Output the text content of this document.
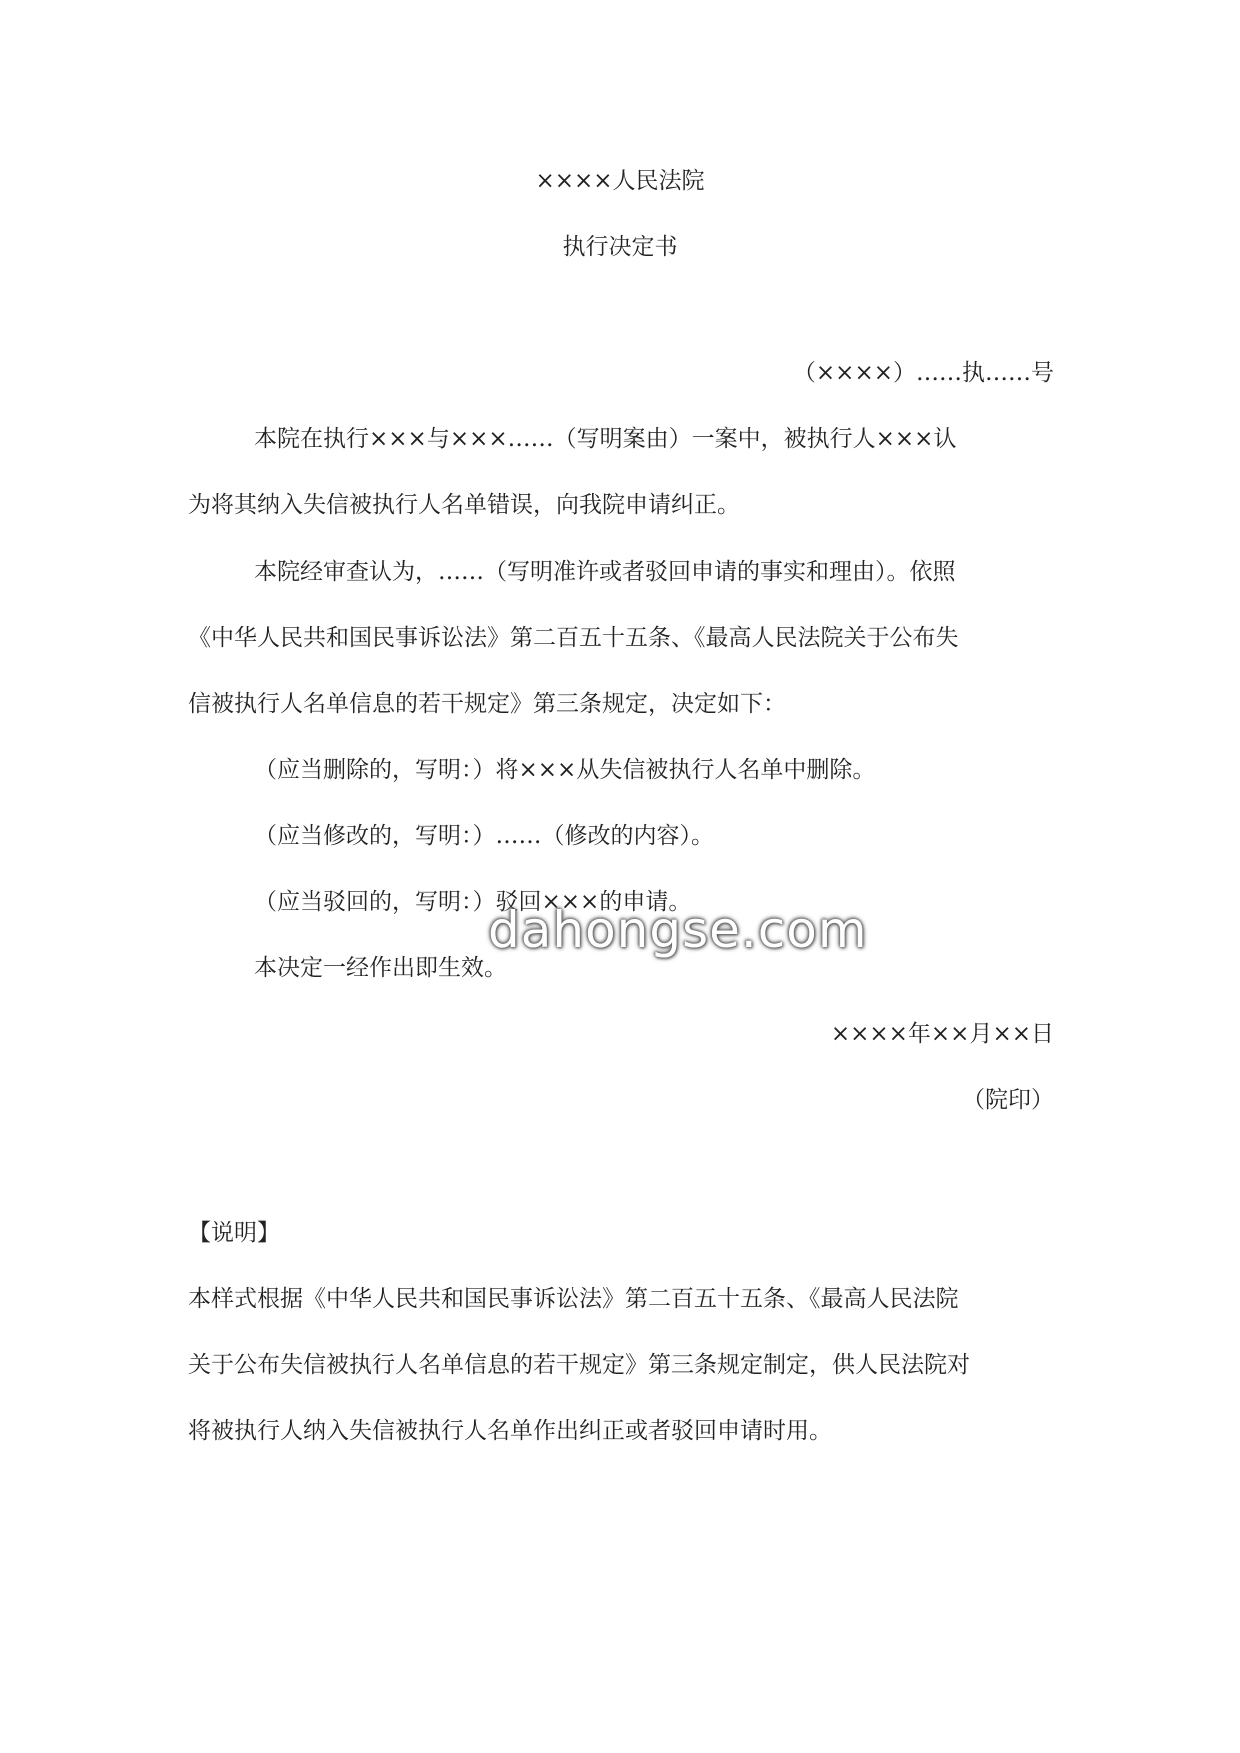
××××人民法院
执行决定书
（××××）……执……号
本院在执行×××与×××……（写明案由）一案中，被执行人×××认
为将其纳入失信被执行人名单错误，向我院申请纠正。
本院经审查认为，……（写明准许或者驳回申请的事实和理由）。依照
《中华人民共和国民事诉讼法》第二百五十五条、《最高人民法院关于公布失
信被执行人名单信息的若干规定》第三条规定，决定如下：
（应当删除的，写明：）将×××从失信被执行人名单中删除。
（应当修改的，写明：）……（修改的内容）。
（应当驳回的，写明：）驳回×××的申请。
本决定一经作出即生效。
××××年××月××日
（院印）
【说明】
本样式根据《中华人民共和国民事诉讼法》第二百五十五条、《最高人民法院
关于公布失信被执行人名单信息的若干规定》第三条规定制定，供人民法院对
将被执行人纳入失信被执行人名单作出纠正或者驳回申请时用。
dahongse.com
